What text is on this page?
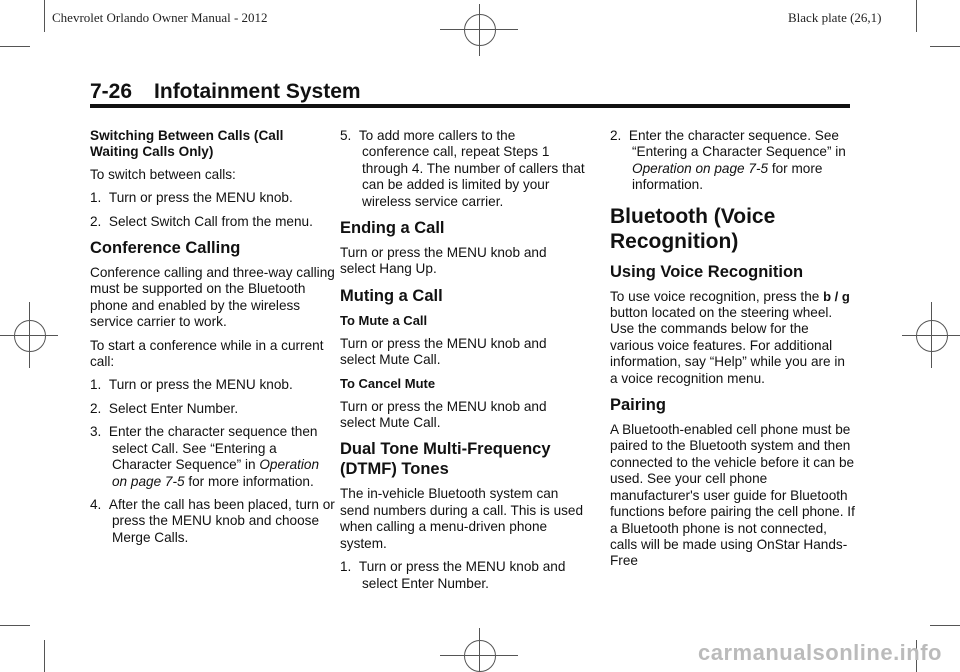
Chevrolet Orlando Owner Manual - 2012	Black plate (26,1)
7-26 Infotainment System

Switching Between Calls (Call Waiting Calls Only)

To switch between calls:

1.  Turn or press the MENU knob.

2.  Select Switch Call from the menu.

Conference Calling

Conference calling and three-way calling must be supported on the Bluetooth phone and enabled by the wireless service carrier to work.

To start a conference while in a current call:

1.  Turn or press the MENU knob.

2.  Select Enter Number.

3.  Enter the character sequence then select Call. See “Entering a Character Sequence” in Operation on page 7-5 for more information.

4.  After the call has been placed, turn or press the MENU knob and choose Merge Calls.

5.  To add more callers to the conference call, repeat Steps 1 through 4. The number of callers that can be added is limited by your wireless service carrier.

Ending a Call

Turn or press the MENU knob and select Hang Up.

Muting a Call
To Mute a Call

Turn or press the MENU knob and select Mute Call.

To Cancel Mute

Turn or press the MENU knob and select Mute Call.

Dual Tone Multi-Frequency (DTMF) Tones

The in-vehicle Bluetooth system can send numbers during a call. This is used when calling a menu-driven phone system.

1.  Turn or press the MENU knob and select Enter Number.

2.  Enter the character sequence. See “Entering a Character Sequence” in Operation on page 7-5 for more information.

Bluetooth (Voice Recognition)
Using Voice Recognition

To use voice recognition, press the b / g button located on the steering wheel. Use the commands below for the various voice features. For additional information, say “Help” while you are in a voice recognition menu.

Pairing

A Bluetooth-enabled cell phone must be paired to the Bluetooth system and then connected to the vehicle before it can be used. See your cell phone manufacturer's user guide for Bluetooth functions before pairing the cell phone. If a Bluetooth phone is not connected, calls will be made using OnStar Hands-Free

carmanualsonline.info
